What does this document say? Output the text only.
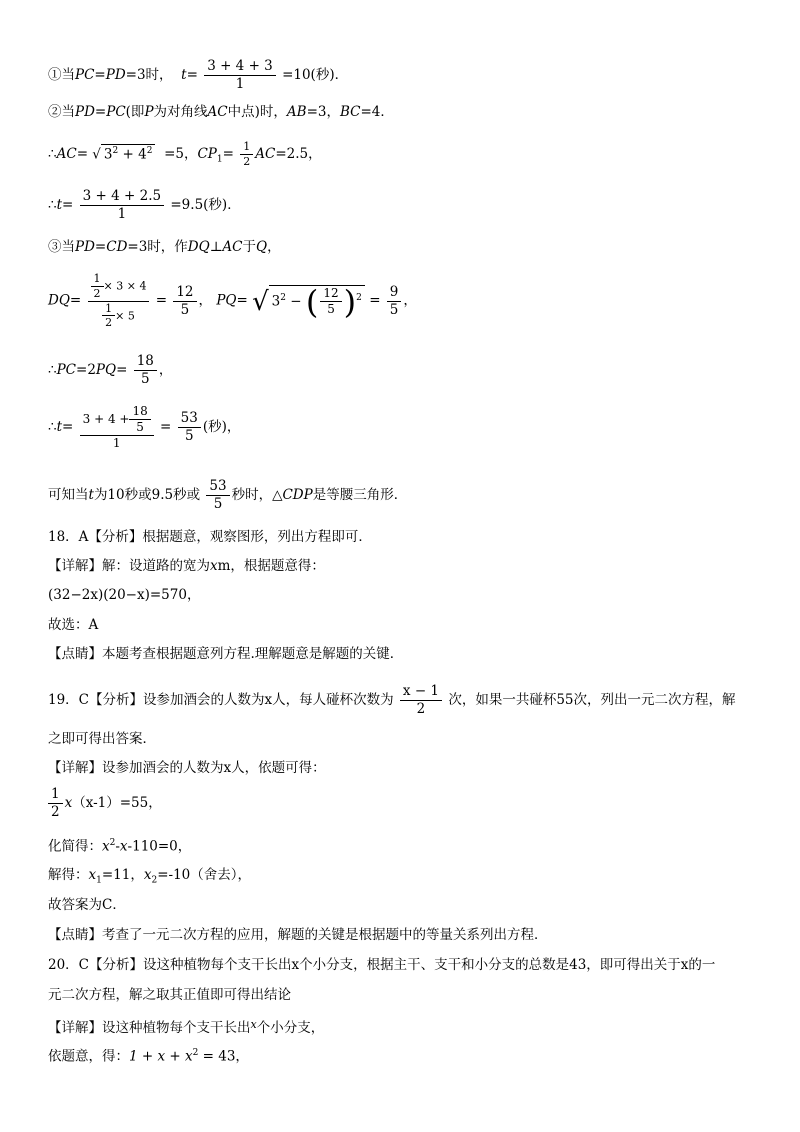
①当PC=PD=3时， $t= \frac{3 + 4 + 3}{1} =10$(秒)．
②当PD=PC(即P为对角线AC中点)时，AB=3，BC=4．
∴AC= √ $3^2 + 4^2 =5$，$CP_1= \frac{1}{2} AC=2.5$，
∴t= $\frac{3 + 4 + 2.5}{1} =9.5$(秒)．
③当PD=CD=3时，作DQ⊥AC于Q，
$DQ= \frac{\frac{1}{2} \times 3 \times 4}{\frac{1}{2} \times 5} = \frac{12}{5}$ ， PQ= √ $3^2$ − ( $\frac{12}{5} )^2 = \frac{9}{5}$ ，
∴PC=2PQ= $\frac{18}{5}$ ，
∴t= $\frac{3 + 4 + \frac{18}{5}}{1} = \frac{53}{5}$ (秒)，
可知当t为10秒或9.5秒或 $\frac{53}{5}$ 秒时，△CDP是等腰三角形．
18．A【分析】根据题意，观察图形，列出方程即可．
【详解】解：设道路的宽为xm，根据题意得：
(32−2x)(20−x)=570，
故选：A
【点睛】本题考查根据题意列方程.理解题意是解题的关键．
19．C【分析】设参加酒会的人数为x人，每人碰杯次数为 $\frac{x - 1}{2}$ 次，如果一共碰杯55次，列出一元二次方程，解
之即可得出答案．
【详解】设参加酒会的人数为x人，依题可得：
$\frac{1}{2} x(x-1)=55$，
化简得：$x^2-x-110=0$，
解得：$x_1=11$，$x_2=-10$（舍去），
故答案为C．
【点睛】考查了一元二次方程的应用，解题的关键是根据题中的等量关系列出方程．
20．C【分析】设这种植物每个支干长出x个小分支，根据主干、支干和小分支的总数是43，即可得出关于x的一
元二次方程，解之取其正值即可得出结论
【详解】设这种植物每个支干长出$^x$个小分支，
依题意，得：$1 + x + x^2 = 43$，
